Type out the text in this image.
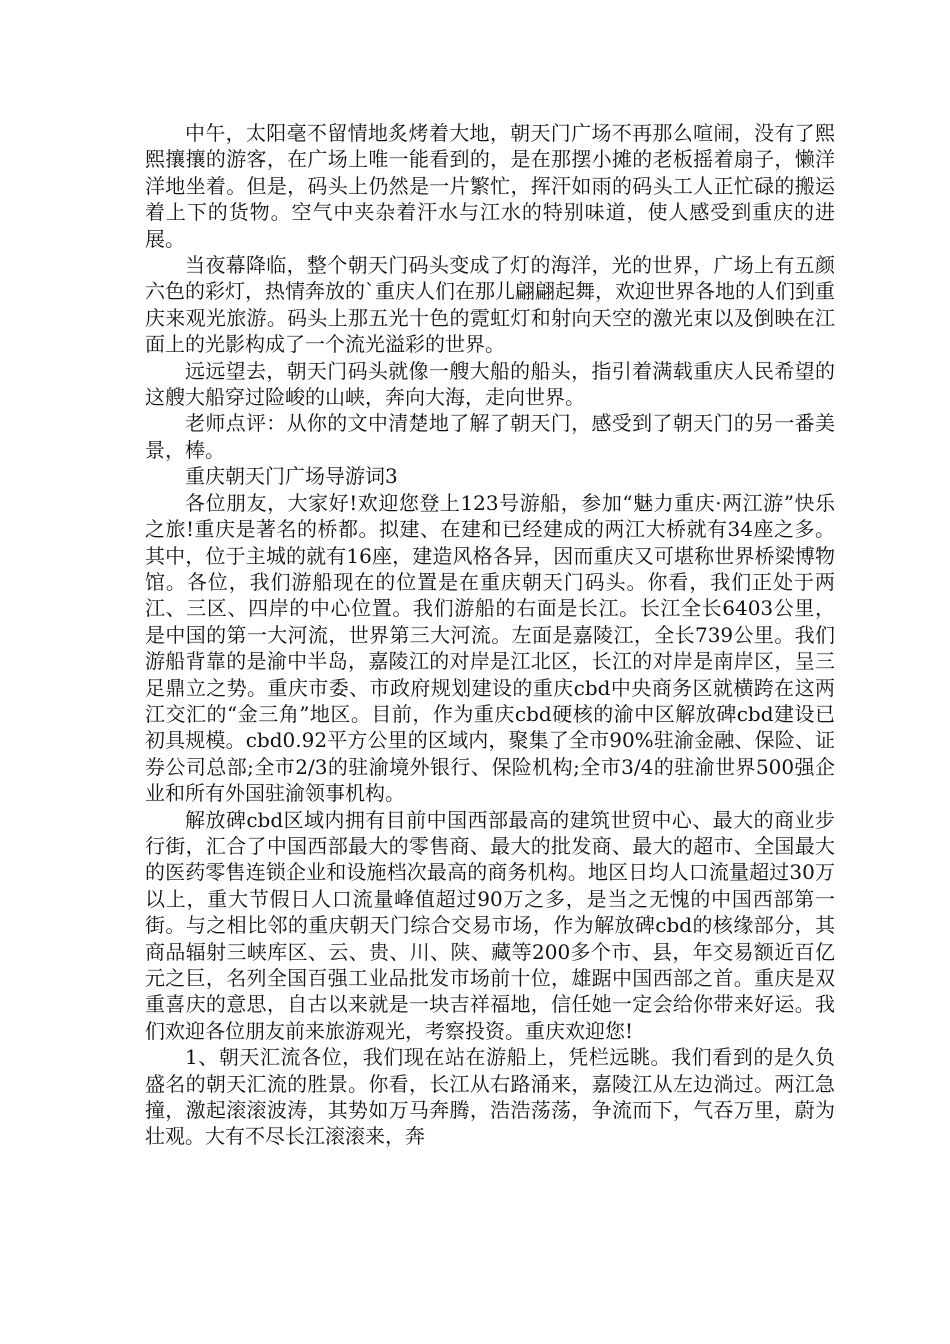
中午，太阳毫不留情地炙烤着大地，朝天门广场不再那么喧闹，没有了熙熙攘攘的游客，在广场上唯一能看到的，是在那摆小摊的老板摇着扇子，懒洋洋地坐着。但是，码头上仍然是一片繁忙，挥汗如雨的码头工人正忙碌的搬运着上下的货物。空气中夹杂着汗水与江水的特别味道，使人感受到重庆的进展。

当夜幕降临，整个朝天门码头变成了灯的海洋，光的世界，广场上有五颜六色的彩灯，热情奔放的`重庆人们在那儿翩翩起舞，欢迎世界各地的人们到重庆来观光旅游。码头上那五光十色的霓虹灯和射向天空的激光束以及倒映在江面上的光影构成了一个流光溢彩的世界。

远远望去，朝天门码头就像一艘大船的船头，指引着满载重庆人民希望的这艘大船穿过险峻的山峡，奔向大海，走向世界。

老师点评：从你的文中清楚地了解了朝天门，感受到了朝天门的另一番美景，棒。

重庆朝天门广场导游词3

各位朋友，大家好!欢迎您登上123号游船，参加“魅力重庆·两江游”快乐之旅!重庆是著名的桥都。拟建、在建和已经建成的两江大桥就有34座之多。其中，位于主城的就有16座，建造风格各异，因而重庆又可堪称世界桥梁博物馆。各位，我们游船现在的位置是在重庆朝天门码头。你看，我们正处于两江、三区、四岸的中心位置。我们游船的右面是长江。长江全长6403公里，是中国的第一大河流，世界第三大河流。左面是嘉陵江，全长739公里。我们游船背靠的是渝中半岛，嘉陵江的对岸是江北区，长江的对岸是南岸区，呈三足鼎立之势。重庆市委、市政府规划建设的重庆cbd中央商务区就横跨在这两江交汇的“金三角”地区。目前，作为重庆cbd硬核的渝中区解放碑cbd建设已初具规模。cbd0.92平方公里的区域内，聚集了全市90%驻渝金融、保险、证券公司总部;全市2/3的驻渝境外银行、保险机构;全市3/4的驻渝世界500强企业和所有外国驻渝领事机构。

解放碑cbd区域内拥有目前中国西部最高的建筑世贸中心、最大的商业步行街，汇合了中国西部最大的零售商、最大的批发商、最大的超市、全国最大的医药零售连锁企业和设施档次最高的商务机构。地区日均人口流量超过30万以上，重大节假日人口流量峰值超过90万之多，是当之无愧的中国西部第一街。与之相比邻的重庆朝天门综合交易市场，作为解放碑cbd的核缘部分，其商品辐射三峡库区、云、贵、川、陕、藏等200多个市、县，年交易额近百亿元之巨，名列全国百强工业品批发市场前十位，雄踞中国西部之首。重庆是双重喜庆的意思，自古以来就是一块吉祥福地，信任她一定会给你带来好运。我们欢迎各位朋友前来旅游观光，考察投资。重庆欢迎您!

1、朝天汇流各位，我们现在站在游船上，凭栏远眺。我们看到的是久负盛名的朝天汇流的胜景。你看，长江从右路涌来，嘉陵江从左边淌过。两江急撞，激起滚滚波涛，其势如万马奔腾，浩浩荡荡，争流而下，气吞万里，蔚为壮观。大有不尽长江滚滚来，奔
